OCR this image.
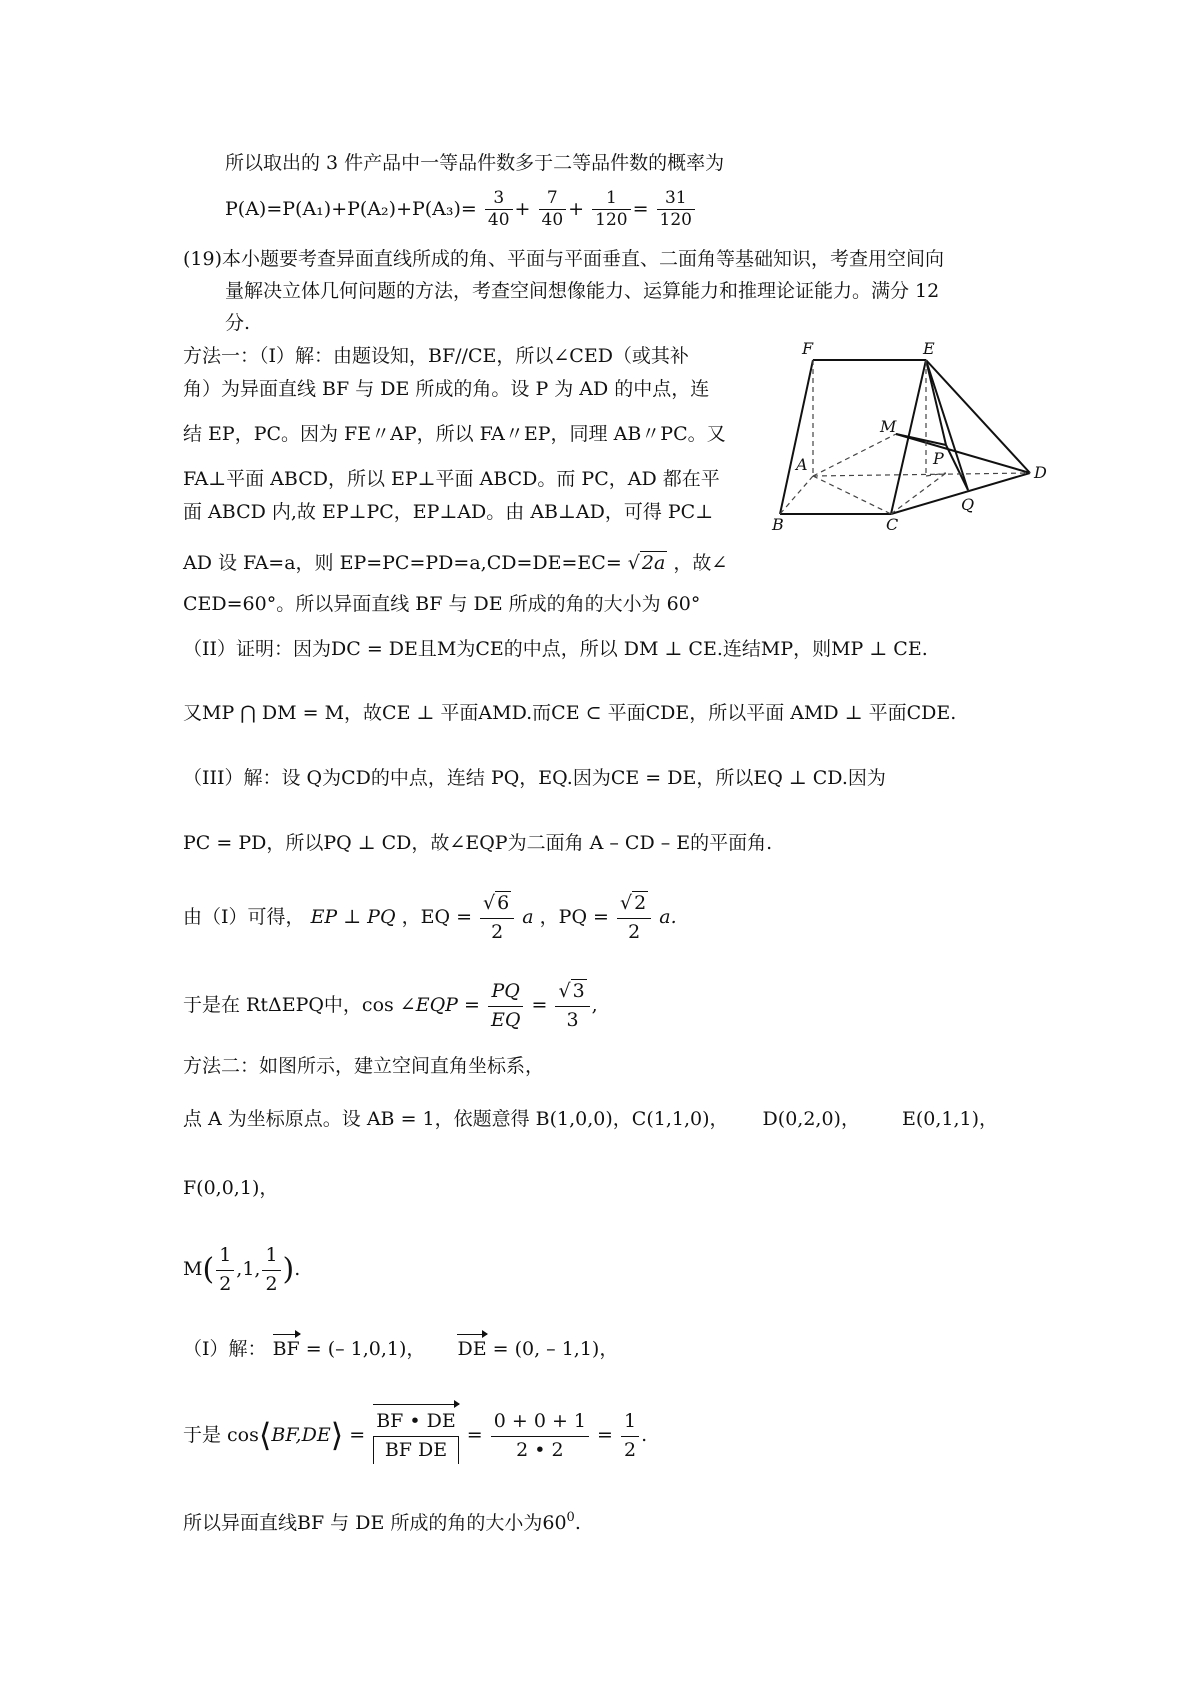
所以取出的 3 件产品中一等品件数多于二等品件数的概率为
$P(A)=P(A_1)+P(A_2)+P(A_3)= \frac{3}{40} + \frac{7}{40} + \frac{1}{120} = \frac{31}{120}$
(19)本小题要考查异面直线所成的角、平面与平面垂直、二面角等基础知识，考查用空间向
量解决立体几何问题的方法，考查空间想像能力、运算能力和推理论证能力。满分 12
分.
方法一：（Ⅰ）解：由题设知，BF//CE，所以∠CED（或其补
角）为异面直线 BF 与 DE 所成的角。设 P 为 AD 的中点，连
结 EP，PC。因为 FE〃AP，所以 FA〃EP，同理 AB〃PC。又
FA⊥平面 ABCD，所以 EP⊥平面 ABCD。而 PC，AD 都在平
面 ABCD 内,故 EP⊥PC，EP⊥AD。由 AB⊥AD，可得 PC⊥
AD 设 FA=a，则 EP=PC=PD=a,CD=DE=EC= √ 2a ，故∠
CED=60°。所以异面直线 BF 与 DE 所成的角的大小为 60°
F	E
M
A	P
D
Q
B	C
（II）证明：因为DC = DE且M为CE的中点，所以 DM ⊥ CE.连结MP，则MP ⊥ CE.
又MP ⋂ DM = M，故CE ⊥ 平面AMD.而CE ⊂ 平面CDE，所以平面 AMD ⊥ 平面CDE.
（III）解：设 Q为CD的中点，连结 PQ，EQ.因为CE = DE，所以EQ ⊥ CD.因为
PC = PD，所以PQ ⊥ CD，故∠EQP为二面角 A – CD – E的平面角.
由（I）可得， EP ⊥ PQ ，EQ = $\frac{√ 6}{2}$ a ，PQ = $\frac{√ 2}{2} a$.
于是在 RtΔEPQ中，cos ∠EQP = $\frac{PQ}{EQ} = \frac{√ 3}{3}$ ,
方法二：如图所示，建立空间直角坐标系，
点 A 为坐标原点。设 AB = 1，依题意得 B(1,0,0)，C(1,1,0)， D(0,2,0)， E(0,1,1)，
F(0,0,1)，
$M( \frac{1}{2} ,1$, $\frac{1}{2}$ ).
（I）解： BF = (– 1,0,1)， DE = (0, – 1,1)，
于是 cos⟨BF,DE⟩ = $\frac{BF • DE}{\text{BF DE}} = \frac{0 + 0 + 1}{2 • 2} = \frac{1}{2}$ .
所以异面直线BF 与 DE 所成的角的大小为$60^0$.
